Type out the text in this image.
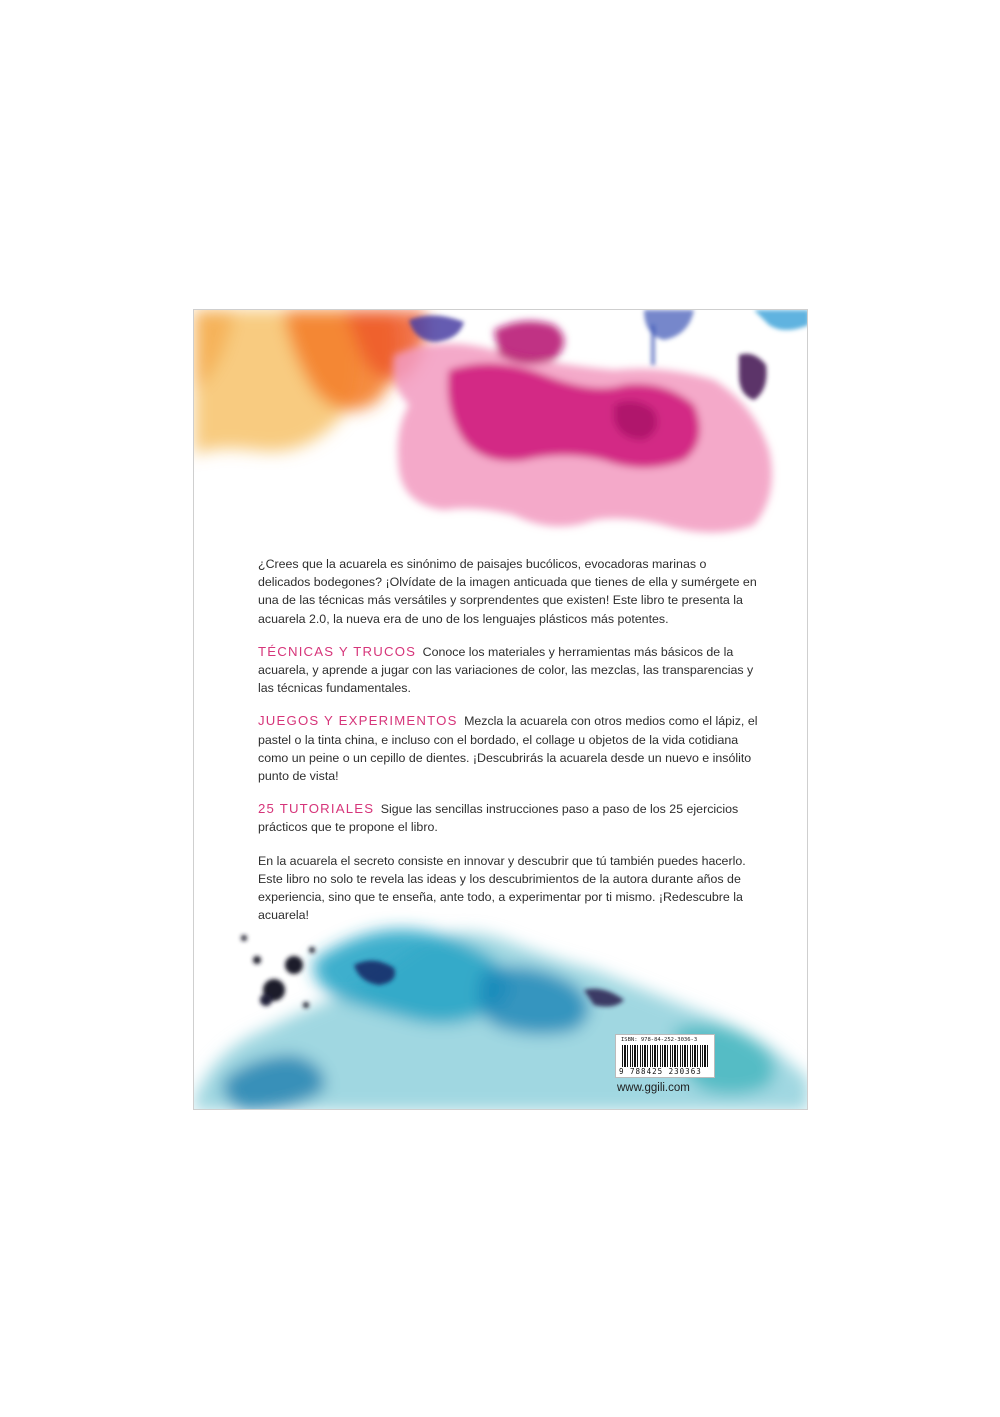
¿Crees que la acuarela es sinónimo de paisajes bucólicos, evocadoras marinas o delicados bodegones? ¡Olvídate de la imagen anticuada que tienes de ella y sumérgete en una de las técnicas más versátiles y sorprendentes que existen! Este libro te presenta la acuarela 2.0, la nueva era de uno de los lenguajes plásticos más potentes.

TÉCNICAS Y TRUCOS Conoce los materiales y herramientas más básicos de la acuarela, y aprende a jugar con las variaciones de color, las mezclas, las transparencias y las técnicas fundamentales.

JUEGOS Y EXPERIMENTOS Mezcla la acuarela con otros medios como el lápiz, el pastel o la tinta china, e incluso con el bordado, el collage u objetos de la vida cotidiana como un peine o un cepillo de dientes. ¡Descubrirás la acuarela desde un nuevo e insólito punto de vista!

25 TUTORIALES Sigue las sencillas instrucciones paso a paso de los 25 ejercicios prácticos que te propone el libro.

En la acuarela el secreto consiste en innovar y descubrir que tú también puedes hacerlo. Este libro no solo te revela las ideas y los descubrimientos de la autora durante años de experiencia, sino que te enseña, ante todo, a experimentar por ti mismo. ¡Redescubre la acuarela!

ISBN: 978-84-252-3036-3
9 788425 230363
www.ggili.com
